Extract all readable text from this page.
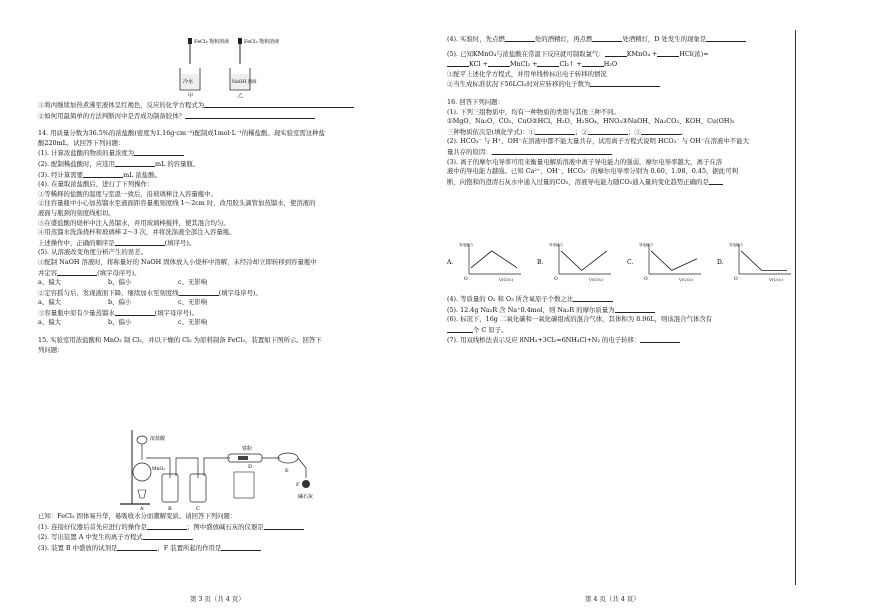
FeCl₃ 饱和溶液
冷水
甲
FeCl₃ 饱和溶液
NaOH 溶液
乙
①将丙继续加热煮沸至液体呈红褐色，反应的化学方程式为
②如何用最简单的方法判断丙中是否成功制备胶体？
14. 用质量分数为36.5%的浓盐酸(密度为1.16g·cm⁻³)配制成1mol·L⁻¹的稀盐酸。现实验室需这种盐
酸220mL，试回答下列问题：
(1). 计算浓盐酸的物质的量浓度为
(2). 配制稀盐酸时，应选用	mL 的容量瓶。
(3). 经计算需要	mL 浓盐酸。
(4). 在量取浓盐酸后，进行了下列操作：
①等稀释的盐酸的温度与室温一致后，沿玻璃棒注入容量瓶中。
②往容量瓶中小心加蒸馏水至液面距容量瓶刻度线 1～2cm 时，改用胶头滴管加蒸馏水，使溶液的
液面与瓶颈的刻度线相切。
③在盛盐酸的烧杯中注入蒸馏水，并用玻璃棒搅拌，使其混合均匀。
④用蒸馏水洗涤烧杯和玻璃棒 2～3 次，并将洗涤液全部注入容量瓶。
上述操作中，正确的顺序是	(填序号)。
(5). 从溶液改变角度分析产生的误差。
①配制 NaOH 溶液时，将称量好的 NaOH 固体放入小烧杯中溶解，未经冷却立即转移到容量瓶中
并定容	(填字母序号)。
a、偏大	b、偏小	c、无影响
②定容摇匀后，发现液面下降，继续加水至刻度线	(填字母序号)。
a、偏大	b、偏小	c、无影响
③容量瓶中原有少量蒸馏水	(填字母序号)。
a、偏大	b、偏小	c、无影响
15. 实验室用浓盐酸和 MnO₂ 制 Cl₂，并以干燥的 Cl₂ 为原料制备 FeCl₃，装置如下图所示。回答下
列问题：
浓盐酸
MnO₂
A	B	C
铁粉
D
E
F
碱石灰
已知：FeCl₃ 固体易升华，易吸收水分而潮解变质。请回答下列问题：
(1). 连接好仪器后首先应进行的操作是	；图中盛放碱石灰的仪器是
(2). 写出装置 A 中发生的离子方程式
(3). 装置 B 中盛放的试剂是	，F 装置所起的作用是
第 3 页（共 4 页）
(4). 实验时，先点燃	处的酒精灯，再点燃	处酒精灯，D 处发生的现象是
(5). 已知KMnO₄与浓盐酸在常温下反应就可制取氯气：	KMnO₄ +	HCl(浓)=
KCl +	MnCl₂ +	Cl₂↑ +	H₂O
①配平上述化学方程式，并用单线桥标出电子转移的情况
②当生成标准状况下56LCl₂时对应转移的电子数为
16. 回答下列问题：
(1). 下列三组物质中，均有一种物质的类别与其他三种不同。
①MgO、Na₂O、CO₂、CuO②HCl、H₂O、H₂SO₄、HNO₃③NaOH、Na₂CO₃、KOH、Cu(OH)₂
三种物质依次是(填化学式)：①	；②	；③	。
(2). HCO₃⁻ 与 H⁺、OH⁻在溶液中都不能大量共存，试用离子方程式说明 HCO₃⁻ 与 OH⁻在溶液中不能大
量共存的原因：
(3). 离子的摩尔电导率可用来衡量电解质溶液中离子导电能力的强弱，摩尔电导率越大，离子在溶
液中的导电能力越强。已知 Ca²⁺、OH⁻、HCO₃⁻ 的摩尔电导率分别为 0.60、1.98、0.45，据此可判
断，向饱和的澄清石灰水中通入过量的CO₂，溶液导电能力随CO₂通入量的变化趋势正确的是
A.
导电能力
O	V(CO₂)
B.
导电能力
O	V(CO₂)
C.
导电能力
O	V(CO₂)
D.
导电能力
O	V(CO₂)
(4). 等质量的 O₂ 和 O₃ 所含氧原子个数之比
(5). 12.4g Na₂R 含 Na⁺0.4mol，则 Na₂R 的摩尔质量为
(6). 标况下，16g 二氧化碳和一氧化碳组成的混合气体，其体积为 8.96L，则该混合气体含有
个 C 原子。
(7). 用双线桥法表示反应 8NH₃+3Cl₂=6NH₄Cl+N₂ 的电子转移：
第 4 页（共 4 页）
